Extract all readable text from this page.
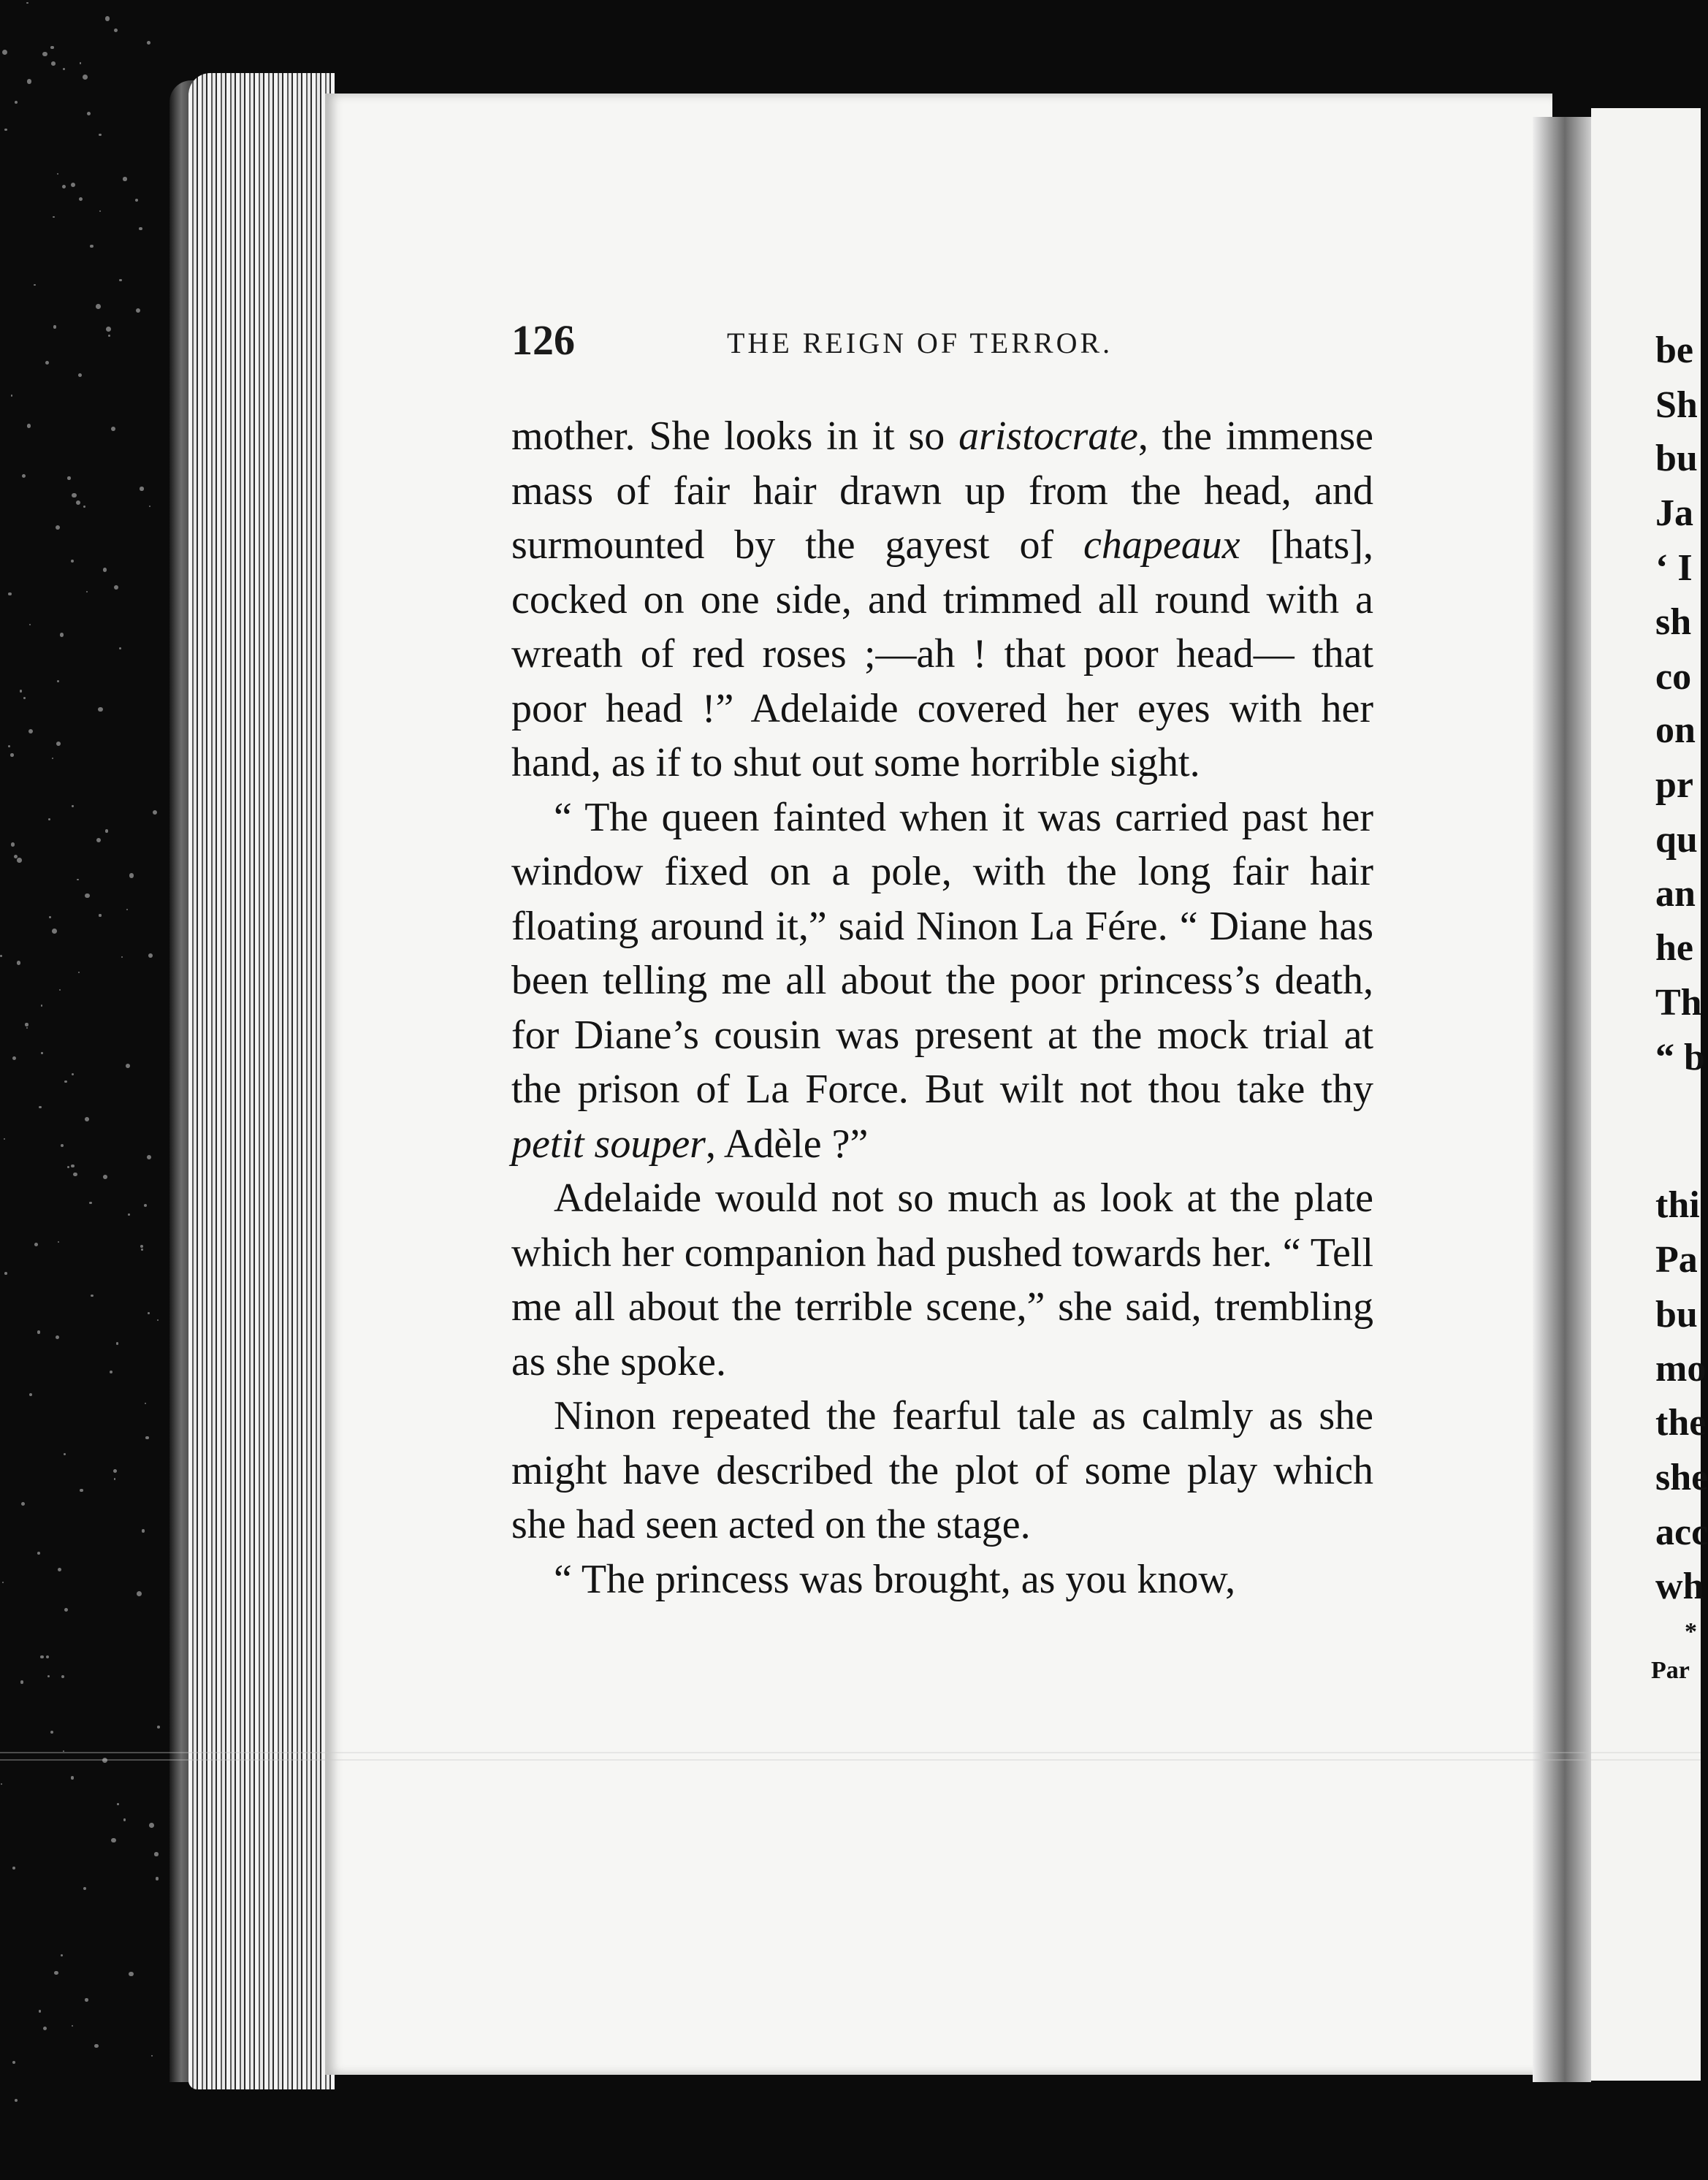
126	THE REIGN OF TERROR.

mother. She looks in it so aristocrate, the immense mass of fair hair drawn up from the head, and surmounted by the gayest of chapeaux [hats], cocked on one side, and trimmed all round with a wreath of red roses ;—ah ! that poor head— that poor head !” Adelaide covered her eyes with her hand, as if to shut out some horrible sight.

“ The queen fainted when it was carried past her window fixed on a pole, with the long fair hair floating around it,” said Ninon La Fére. “ Diane has been telling me all about the poor princess’s death, for Diane’s cousin was present at the mock trial at the prison of La Force. But wilt not thou take thy petit souper, Adèle ?”

Adelaide would not so much as look at the plate which her companion had pushed towards her. “ Tell me all about the terrible scene,” she said, trembling as she spoke.

Ninon repeated the fearful tale as calmly as she might have described the plot of some play which she had seen acted on the stage.

“ The princess was brought, as you know,

be
Sh
bu
Ja
‘ I
sh
co
on
pr
qu
an
he
Th
“ b
thi
Pa
bu
mo
the
she
acc
wh
*
Par
